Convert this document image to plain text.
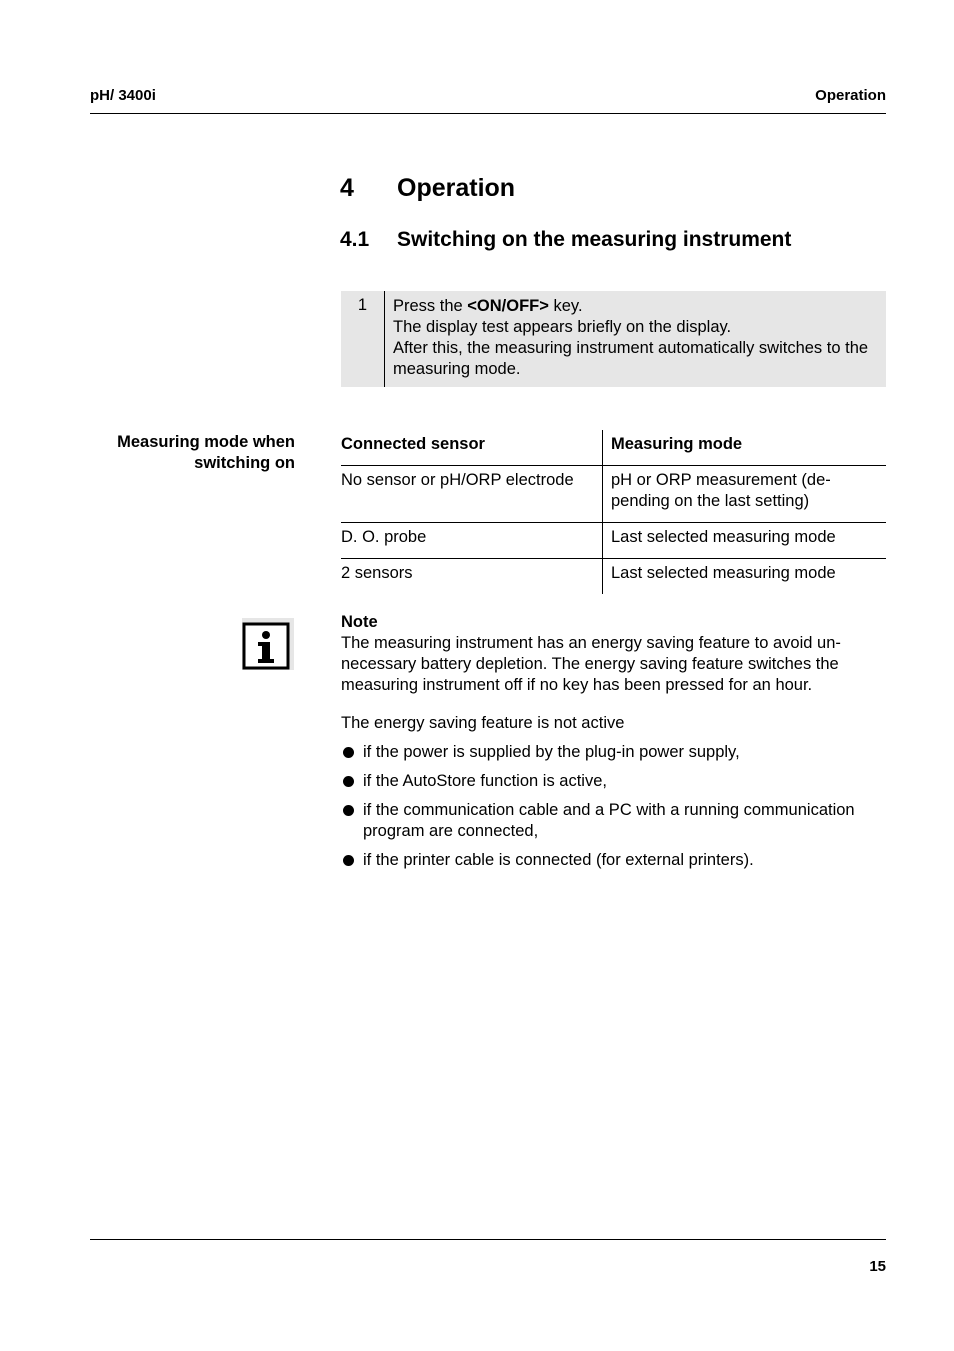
pH/ 3400i	Operation
4 Operation
4.1 Switching on the measuring instrument
1	Press the <ON/OFF> key.
The display test appears briefly on the display.
After this, the measuring instrument automatically switches to the measuring mode.
Measuring mode when
switching on
Connected sensor	Measuring mode
No sensor or pH/ORP electrode	pH or ORP measurement (de-pending on the last setting)
D. O. probe	Last selected measuring mode
2 sensors	Last selected measuring mode
Note
The measuring instrument has an energy saving feature to avoid un-necessary battery depletion. The energy saving feature switches the measuring instrument off if no key has been pressed for an hour.
The energy saving feature is not active
if the power is supplied by the plug-in power supply,
if the AutoStore function is active,
if the communication cable and a PC with a running communication program are connected,
if the printer cable is connected (for external printers).
15
